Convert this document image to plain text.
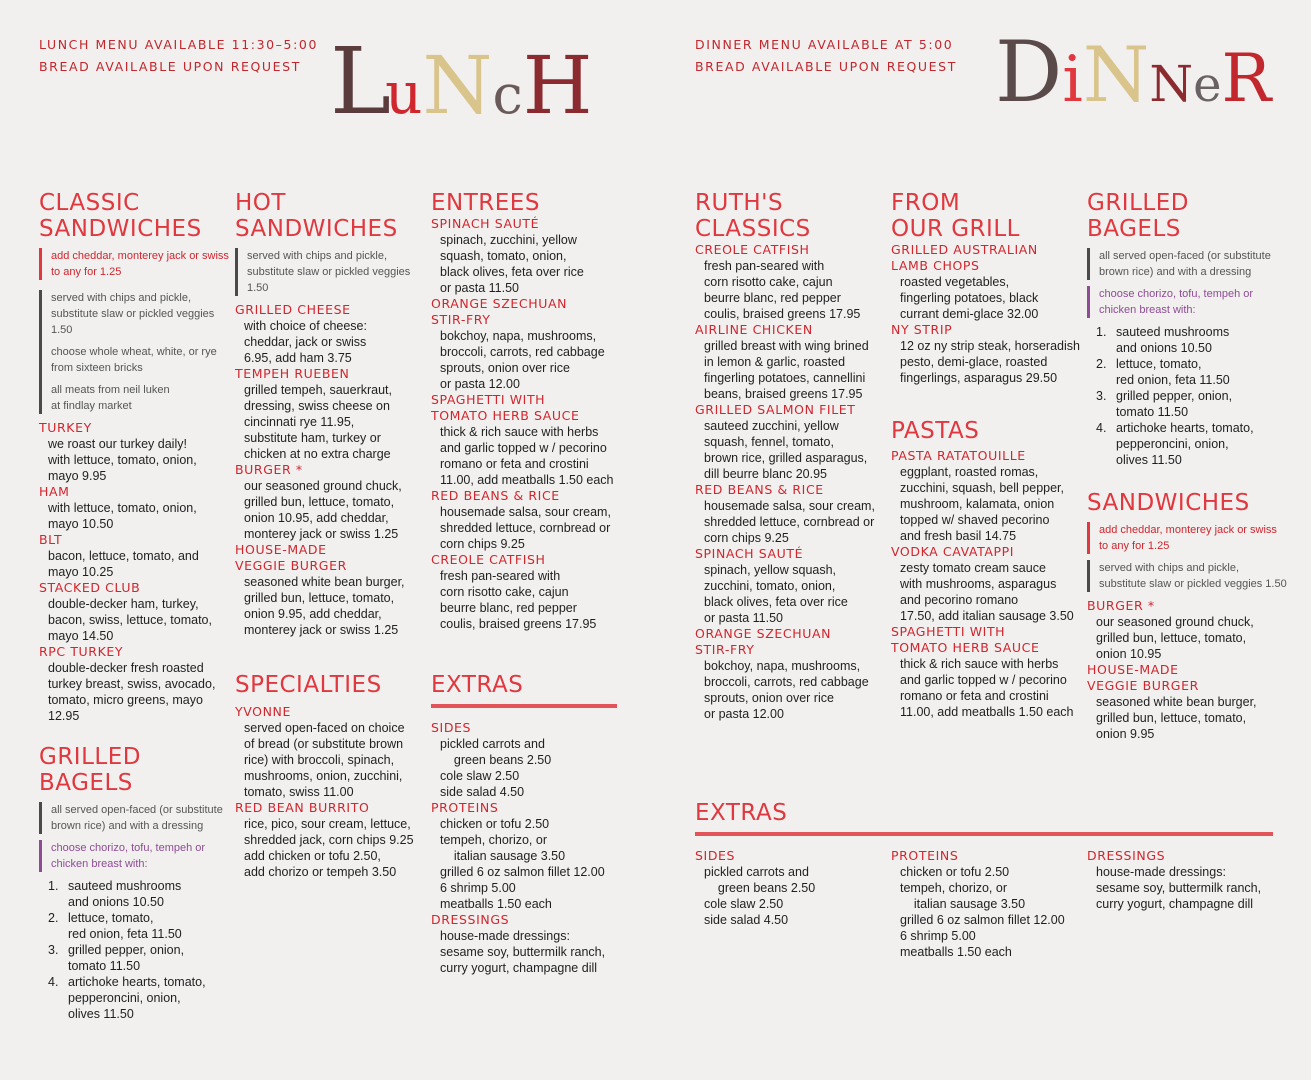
LUNCH MENU AVAILABLE 11:30–5:00
BREAD AVAILABLE UPON REQUEST
DINNER MENU AVAILABLE AT 5:00
BREAD AVAILABLE UPON REQUEST
LuNcH	DiNNeR
CLASSIC
SANDWICHES
add cheddar, monterey jack or swiss
to any for 1.25
served with chips and pickle,
substitute slaw or pickled veggies 1.50
choose whole wheat, white, or rye
from sixteen bricks
all meats from neil luken
at findlay market
TURKEY
we roast our turkey daily!
with lettuce, tomato, onion,
mayo 9.95
HAM
with lettuce, tomato, onion,
mayo 10.50
BLT
bacon, lettuce, tomato, and
mayo 10.25
STACKED CLUB
double-decker ham, turkey,
bacon, swiss, lettuce, tomato,
mayo 14.50
RPC TURKEY
double-decker fresh roasted
turkey breast, swiss, avocado,
tomato, micro greens, mayo
12.95
GRILLED
BAGELS
all served open-faced (or substitute
brown rice) and with a dressing
choose chorizo, tofu, tempeh or
chicken breast with:
1. sauteed mushrooms
and onions 10.50
2. lettuce, tomato,
red onion, feta 11.50
3. grilled pepper, onion,
tomato 11.50
4. artichoke hearts, tomato,
pepperoncini, onion,
olives 11.50
HOT
SANDWICHES
served with chips and pickle,
substitute slaw or pickled veggies 1.50
GRILLED CHEESE
with choice of cheese:
cheddar, jack or swiss
6.95, add ham 3.75
TEMPEH RUEBEN
grilled tempeh, sauerkraut,
dressing, swiss cheese on
cincinnati rye 11.95,
substitute ham, turkey or
chicken at no extra charge
BURGER *
our seasoned ground chuck,
grilled bun, lettuce, tomato,
onion 10.95, add cheddar,
monterey jack or swiss 1.25
HOUSE-MADE
VEGGIE BURGER
seasoned white bean burger,
grilled bun, lettuce, tomato,
onion 9.95, add cheddar,
monterey jack or swiss 1.25
SPECIALTIES
YVONNE
served open-faced on choice
of bread (or substitute brown
rice) with broccoli, spinach,
mushrooms, onion, zucchini,
tomato, swiss 11.00
RED BEAN BURRITO
rice, pico, sour cream, lettuce,
shredded jack, corn chips 9.25
add chicken or tofu 2.50,
add chorizo or tempeh 3.50
ENTREES
SPINACH SAUTÉ
spinach, zucchini, yellow
squash, tomato, onion,
black olives, feta over rice
or pasta 11.50
ORANGE SZECHUAN
STIR-FRY
bokchoy, napa, mushrooms,
broccoli, carrots, red cabbage
sprouts, onion over rice
or pasta 12.00
SPAGHETTI WITH
TOMATO HERB SAUCE
thick & rich sauce with herbs
and garlic topped w / pecorino
romano or feta and crostini
11.00, add meatballs 1.50 each
RED BEANS & RICE
housemade salsa, sour cream,
shredded lettuce, cornbread or
corn chips 9.25
CREOLE CATFISH
fresh pan-seared with
corn risotto cake, cajun
beurre blanc, red pepper
coulis, braised greens 17.95
EXTRAS
SIDES
pickled carrots and
green beans 2.50
cole slaw 2.50
side salad 4.50
PROTEINS
chicken or tofu 2.50
tempeh, chorizo, or
italian sausage 3.50
grilled 6 oz salmon fillet 12.00
6 shrimp 5.00
meatballs 1.50 each
DRESSINGS
house-made dressings:
sesame soy, buttermilk ranch,
curry yogurt, champagne dill
RUTH'S
CLASSICS
CREOLE CATFISH
fresh pan-seared with
corn risotto cake, cajun
beurre blanc, red pepper
coulis, braised greens 17.95
AIRLINE CHICKEN
grilled breast with wing brined
in lemon & garlic, roasted
fingerling potatoes, cannellini
beans, braised greens 17.95
GRILLED SALMON FILET
sauteed zucchini, yellow
squash, fennel, tomato,
brown rice, grilled asparagus,
dill beurre blanc 20.95
RED BEANS & RICE
housemade salsa, sour cream,
shredded lettuce, cornbread or
corn chips 9.25
SPINACH SAUTÉ
spinach, yellow squash,
zucchini, tomato, onion,
black olives, feta over rice
or pasta 11.50
ORANGE SZECHUAN
STIR-FRY
bokchoy, napa, mushrooms,
broccoli, carrots, red cabbage
sprouts, onion over rice
or pasta 12.00
FROM
OUR GRILL
GRILLED AUSTRALIAN
LAMB CHOPS
roasted vegetables,
fingerling potatoes, black
currant demi-glace 32.00
NY STRIP
12 oz ny strip steak, horseradish
pesto, demi-glace, roasted
fingerlings, asparagus 29.50
PASTAS
PASTA RATATOUILLE
eggplant, roasted romas,
zucchini, squash, bell pepper,
mushroom, kalamata, onion
topped w/ shaved pecorino
and fresh basil 14.75
VODKA CAVATAPPI
zesty tomato cream sauce
with mushrooms, asparagus
and pecorino romano
17.50, add italian sausage 3.50
SPAGHETTI WITH
TOMATO HERB SAUCE
thick & rich sauce with herbs
and garlic topped w / pecorino
romano or feta and crostini
11.00, add meatballs 1.50 each
GRILLED
BAGELS
all served open-faced (or substitute
brown rice) and with a dressing
choose chorizo, tofu, tempeh or
chicken breast with:
1. sauteed mushrooms
and onions 10.50
2. lettuce, tomato,
red onion, feta 11.50
3. grilled pepper, onion,
tomato 11.50
4. artichoke hearts, tomato,
pepperoncini, onion,
olives 11.50
SANDWICHES
add cheddar, monterey jack or swiss
to any for 1.25
served with chips and pickle,
substitute slaw or pickled veggies 1.50
BURGER *
our seasoned ground chuck,
grilled bun, lettuce, tomato,
onion 10.95
HOUSE-MADE
VEGGIE BURGER
seasoned white bean burger,
grilled bun, lettuce, tomato,
onion 9.95
EXTRAS
SIDES
pickled carrots and
green beans 2.50
cole slaw 2.50
side salad 4.50
PROTEINS
chicken or tofu 2.50
tempeh, chorizo, or
italian sausage 3.50
grilled 6 oz salmon fillet 12.00
6 shrimp 5.00
meatballs 1.50 each
DRESSINGS
house-made dressings:
sesame soy, buttermilk ranch,
curry yogurt, champagne dill
